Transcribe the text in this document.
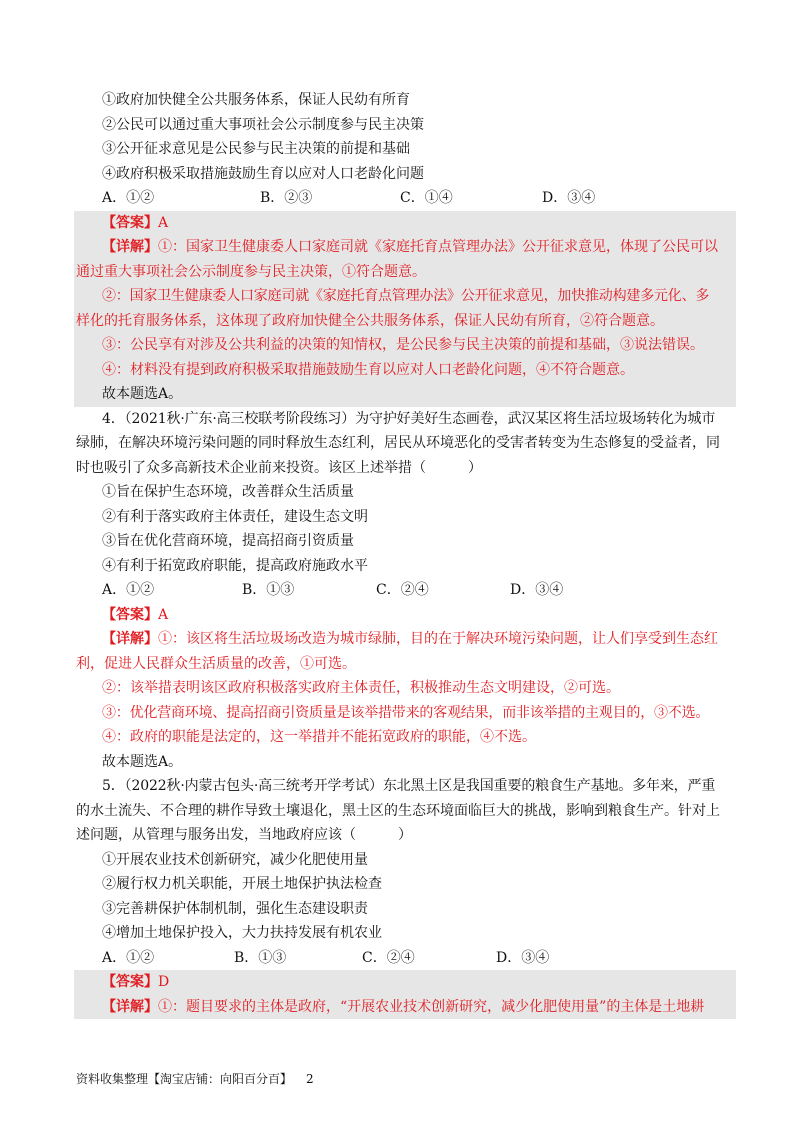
①政府加快健全公共服务体系，保证人民幼有所育
②公民可以通过重大事项社会公示制度参与民主决策
③公开征求意见是公民参与民主决策的前提和基础
④政府积极采取措施鼓励生育以应对人口老龄化问题
A．①②	B．②③	C．①④	D．③④
【答案】A
【详解】①：国家卫生健康委人口家庭司就《家庭托育点管理办法》公开征求意见，体现了公民可以
通过重大事项社会公示制度参与民主决策，①符合题意。
②：国家卫生健康委人口家庭司就《家庭托育点管理办法》公开征求意见，加快推动构建多元化、多
样化的托育服务体系，这体现了政府加快健全公共服务体系，保证人民幼有所育，②符合题意。
③：公民享有对涉及公共利益的决策的知情权，是公民参与民主决策的前提和基础，③说法错误。
④：材料没有提到政府积极采取措施鼓励生育以应对人口老龄化问题，④不符合题意。
故本题选A。
4．（2021秋·广东·高三校联考阶段练习）为守护好美好生态画卷，武汉某区将生活垃圾场转化为城市
绿肺，在解决环境污染问题的同时释放生态红利，居民从环境恶化的受害者转变为生态修复的受益者，同
时也吸引了众多高新技术企业前来投资。该区上述举措（　　　）
①旨在保护生态环境，改善群众生活质量
②有利于落实政府主体责任，建设生态文明
③旨在优化营商环境，提高招商引资质量
④有利于拓宽政府职能，提高政府施政水平
A．①②	B．①③	C．②④	D．③④
【答案】A
【详解】①：该区将生活垃圾场改造为城市绿肺，目的在于解决环境污染问题，让人们享受到生态红
利，促进人民群众生活质量的改善，①可选。
②：该举措表明该区政府积极落实政府主体责任，积极推动生态文明建设，②可选。
③：优化营商环境、提高招商引资质量是该举措带来的客观结果，而非该举措的主观目的，③不选。
④：政府的职能是法定的，这一举措并不能拓宽政府的职能，④不选。
故本题选A。
5．（2022秋·内蒙古包头·高三统考开学考试）东北黑土区是我国重要的粮食生产基地。多年来，严重
的水土流失、不合理的耕作导致土壤退化，黑土区的生态环境面临巨大的挑战，影响到粮食生产。针对上
述问题，从管理与服务出发，当地政府应该（　　　）
①开展农业技术创新研究，减少化肥使用量
②履行权力机关职能，开展土地保护执法检查
③完善耕保护体制机制，强化生态建设职责
④增加土地保护投入，大力扶持发展有机农业
A．①②	B．①③	C．②④	D．③④
【答案】D
【详解】①：题目要求的主体是政府，“开展农业技术创新研究，减少化肥使用量”的主体是土地耕
资料收集整理【淘宝店铺：向阳百分百】 2
